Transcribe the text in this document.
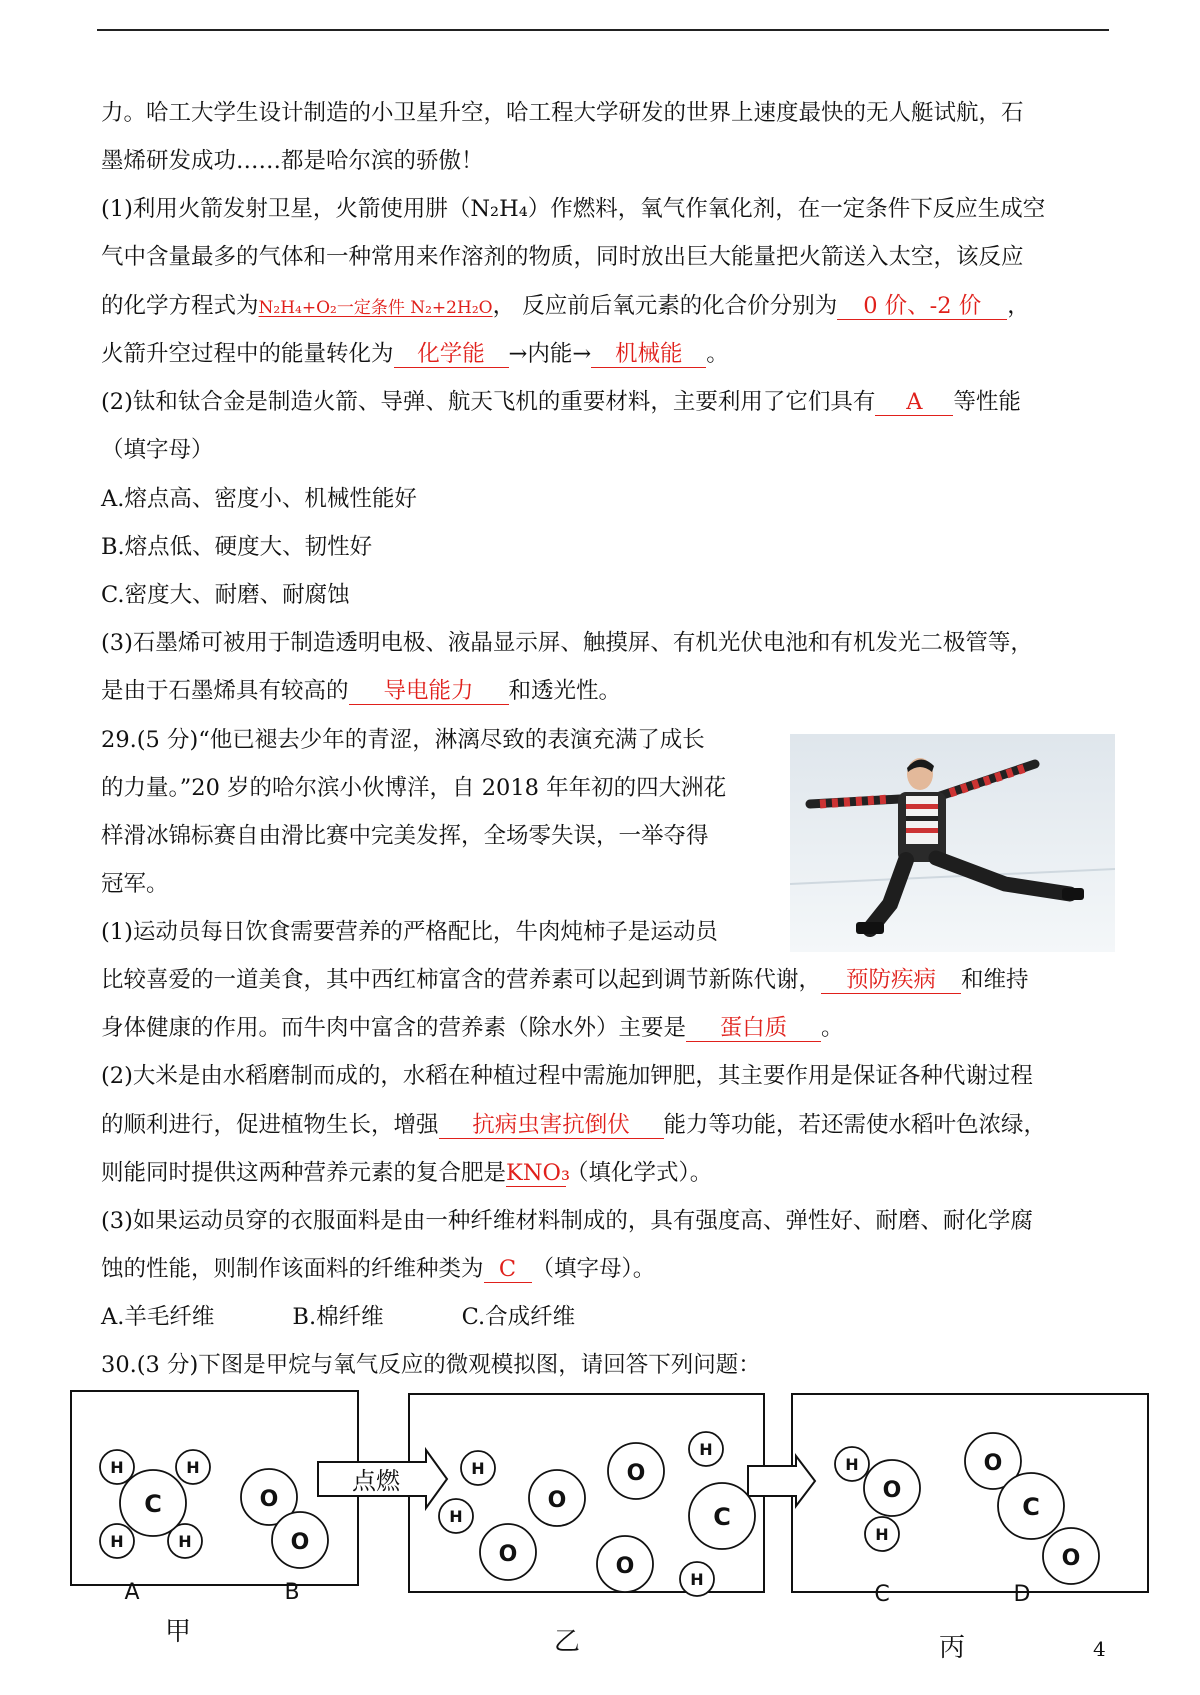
力。哈工大学生设计制造的小卫星升空，哈工程大学研发的世界上速度最快的无人艇试航，石
墨烯研发成功……都是哈尔滨的骄傲！
(1)利用火箭发射卫星，火箭使用肼（N₂H₄）作燃料，氧气作氧化剂，在一定条件下反应生成空
气中含量最多的气体和一种常用来作溶剂的物质，同时放出巨大能量把火箭送入太空，该反应
的化学方程式为N₂H₄+O₂一定条件 N₂+2H₂O， 反应前后氧元素的化合价分别为 0 价、-2 价 ，
火箭升空过程中的能量转化为 化学能 →内能→ 机械能 。
(2)钛和钛合金是制造火箭、导弹、航天飞机的重要材料，主要利用了它们具有 A 等性能
（填字母）
A.熔点高、密度小、机械性能好
B.熔点低、硬度大、韧性好
C.密度大、耐磨、耐腐蚀
(3)石墨烯可被用于制造透明电极、液晶显示屏、触摸屏、有机光伏电池和有机发光二极管等，
是由于石墨烯具有较高的 导电能力 和透光性。
29.(5 分)“他已褪去少年的青涩，淋漓尽致的表演充满了成长
的力量。”20 岁的哈尔滨小伙博洋，自 2018 年年初的四大洲花
样滑冰锦标赛自由滑比赛中完美发挥，全场零失误，一举夺得
冠军。
(1)运动员每日饮食需要营养的严格配比，牛肉炖柿子是运动员
比较喜爱的一道美食，其中西红柿富含的营养素可以起到调节新陈代谢， 预防疾病 和维持
身体健康的作用。而牛肉中富含的营养素（除水外）主要是 蛋白质 。
(2)大米是由水稻磨制而成的，水稻在种植过程中需施加钾肥，其主要作用是保证各种代谢过程
的顺利进行，促进植物生长，增强 抗病虫害抗倒伏 能力等功能，若还需使水稻叶色浓绿，
则能同时提供这两种营养元素的复合肥是KNO₃（填化学式）。
(3)如果运动员穿的衣服面料是由一种纤维材料制成的，具有强度高、弹性好、耐磨、耐化学腐
蚀的性能，则制作该面料的纤维种类为 C （填字母）。
A.羊毛纤维	B.棉纤维	C.合成纤维
30.(3 分)下图是甲烷与氧气反应的微观模拟图，请回答下列问题：
点燃
H	H
H	H
C	O
O
H
H
O
O
O	O
H
C
H
H
O
H
O
C
O
A	B	C	D
甲	乙	丙	4
